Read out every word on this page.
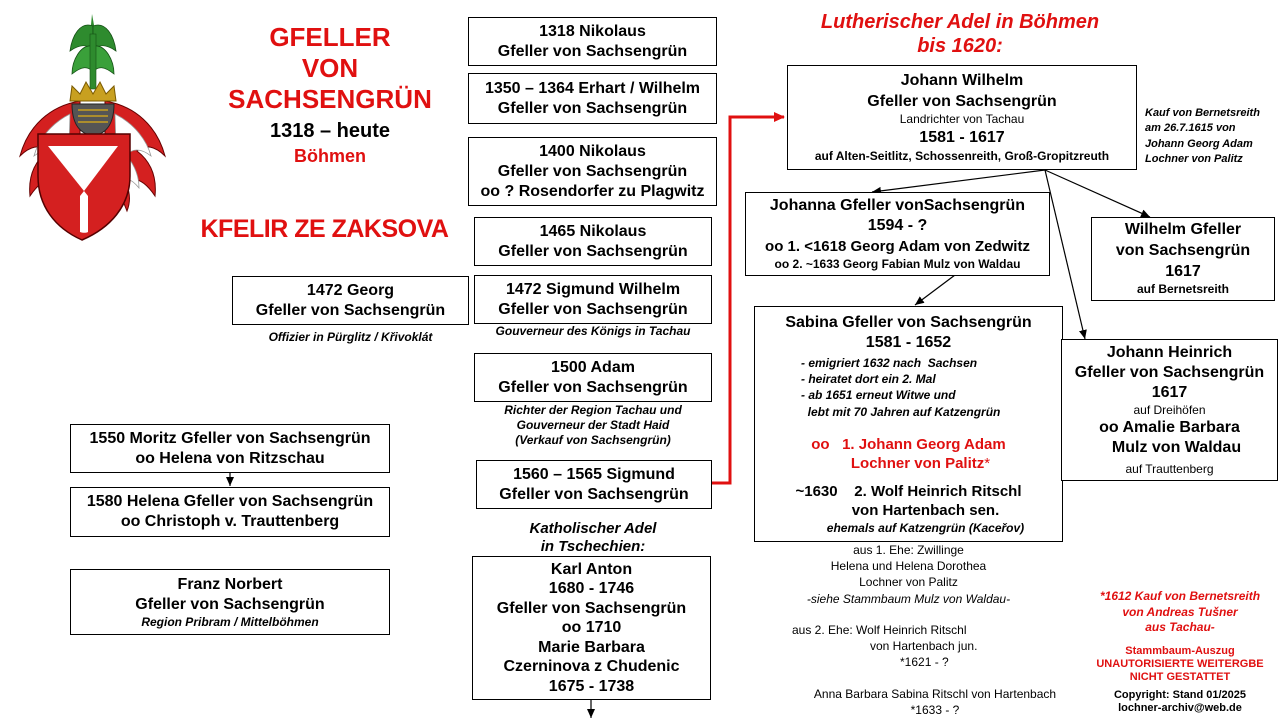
GFELLER
VON
SACHSENGRÜN
1318 – heute
Böhmen
KFELIR ZE ZAKSOVA
1472 Georg
Gfeller von Sachsengrün
Offizier in Pürglitz / Křivoklát
1550 Moritz Gfeller von Sachsengrün
oo Helena von Ritzschau
1580 Helena Gfeller von Sachsengrün
oo Christoph v. Trauttenberg
Franz Norbert
Gfeller von Sachsengrün
Region Pribram / Mittelböhmen
1318 Nikolaus
Gfeller von Sachsengrün
1350 – 1364 Erhart / Wilhelm
Gfeller von Sachsengrün
1400 Nikolaus
Gfeller von Sachsengrün
oo ? Rosendorfer zu Plagwitz
1465 Nikolaus
Gfeller von Sachsengrün
1472 Sigmund Wilhelm
Gfeller von Sachsengrün
Gouverneur des Königs in Tachau
1500 Adam
Gfeller von Sachsengrün
Richter der Region Tachau und
Gouverneur der Stadt Haid
(Verkauf von Sachsengrün)
1560 – 1565 Sigmund
Gfeller von Sachsengrün
Katholischer Adel
in Tschechien:
Karl Anton
1680 - 1746
Gfeller von Sachsengrün
oo 1710
Marie Barbara
Czerninova z Chudenic
1675 - 1738
Lutherischer Adel in Böhmen
bis 1620:
Johann Wilhelm
Gfeller von Sachsengrün
Landrichter von Tachau
1581 - 1617
auf Alten-Seitlitz, Schossenreith, Groß-Gropitzreuth
Kauf von Bernetsreith
am 26.7.1615 von
Johann Georg Adam
Lochner von Palitz
Johanna Gfeller vonSachsengrün
1594 - ?
oo 1. <1618 Georg Adam von Zedwitz
oo 2. ~1633 Georg Fabian Mulz von Waldau
Wilhelm Gfeller
von Sachsengrün
1617
auf Bernetsreith
Sabina Gfeller von Sachsengrün
1581 - 1652
- emigriert 1632 nach  Sachsen
- heiratet dort ein 2. Mal
- ab 1651 erneut Witwe und
lebt mit 70 Jahren auf Katzengrün
oo   1. Johann Georg Adam
Lochner von Palitz*
~1630    2. Wolf Heinrich Ritschl
von Hartenbach sen.
ehemals auf Katzengrün (Kaceřov)
Johann Heinrich
Gfeller von Sachsengrün
1617
auf Dreihöfen
oo Amalie Barbara
Mulz von Waldau
auf Trauttenberg
aus 1. Ehe: Zwillinge
Helena und Helena Dorothea
Lochner von Palitz
-siehe Stammbaum Mulz von Waldau-
aus 2. Ehe: Wolf Heinrich Ritschl
von Hartenbach jun.
*1621 - ?
Anna Barbara Sabina Ritschl von Hartenbach
*1633 - ?
*1612 Kauf von Bernetsreith
von Andreas Tušner
aus Tachau-
Stammbaum-Auszug
UNAUTORISIERTE WEITERGBE
NICHT GESTATTET
Copyright: Stand 01/2025
lochner-archiv@web.de
